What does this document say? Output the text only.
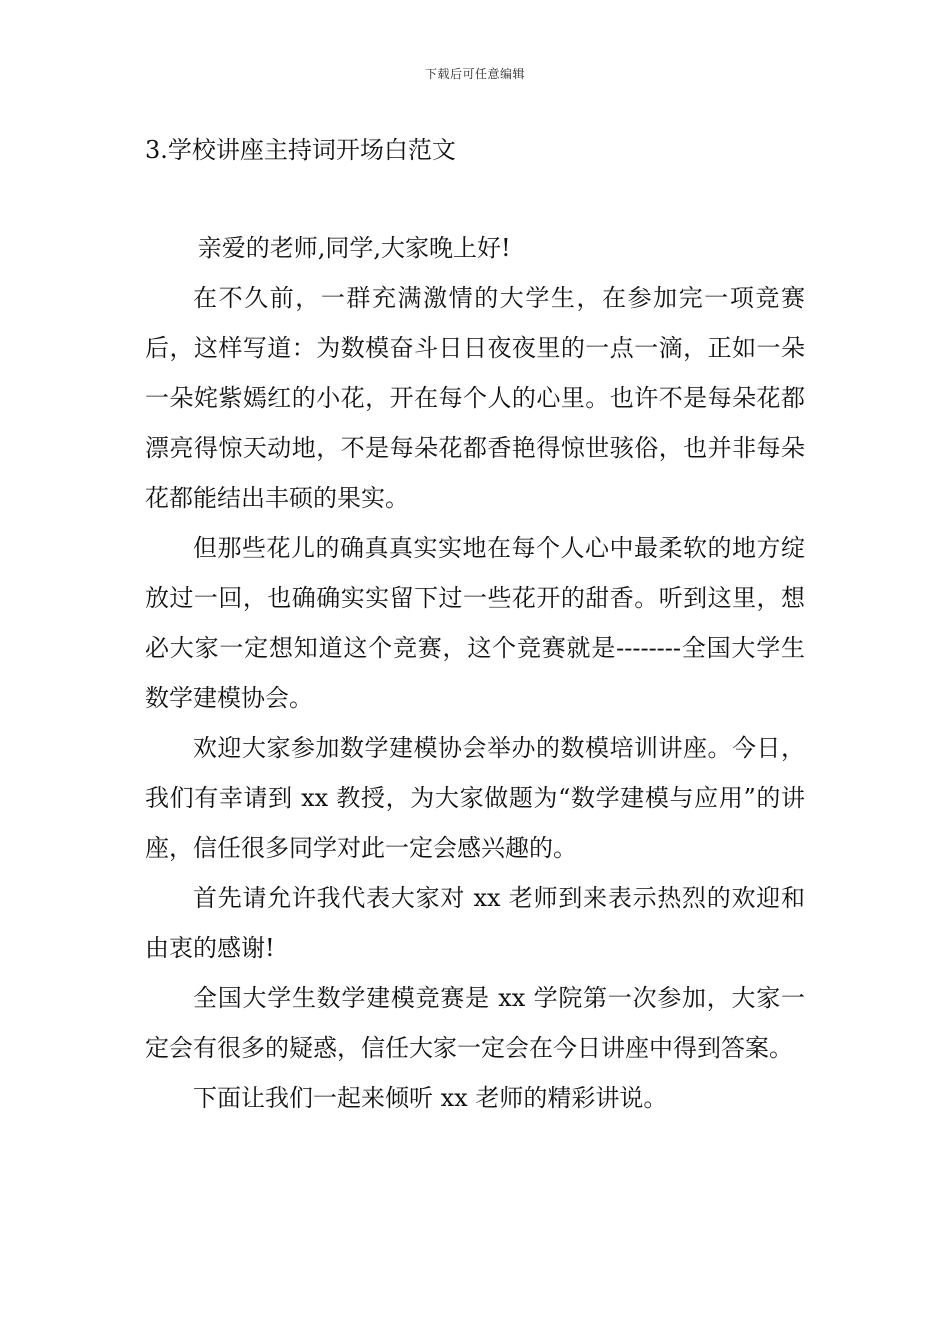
下载后可任意编辑
3.学校讲座主持词开场白范文

亲爱的老师,同学,大家晚上好!

在不久前，一群充满激情的大学生，在参加完一项竞赛后，这样写道：为数模奋斗日日夜夜里的一点一滴，正如一朵一朵姹紫嫣红的小花，开在每个人的心里。也许不是每朵花都漂亮得惊天动地，不是每朵花都香艳得惊世骇俗，也并非每朵花都能结出丰硕的果实。

但那些花儿的确真真实实地在每个人心中最柔软的地方绽放过一回，也确确实实留下过一些花开的甜香。听到这里，想必大家一定想知道这个竞赛，这个竞赛就是--------全国大学生数学建模协会。

欢迎大家参加数学建模协会举办的数模培训讲座。今日，我们有幸请到 xx 教授，为大家做题为“数学建模与应用”的讲座，信任很多同学对此一定会感兴趣的。

首先请允许我代表大家对 xx 老师到来表示热烈的欢迎和由衷的感谢!

全国大学生数学建模竞赛是 xx 学院第一次参加，大家一定会有很多的疑惑，信任大家一定会在今日讲座中得到答案。

下面让我们一起来倾听 xx 老师的精彩讲说。
